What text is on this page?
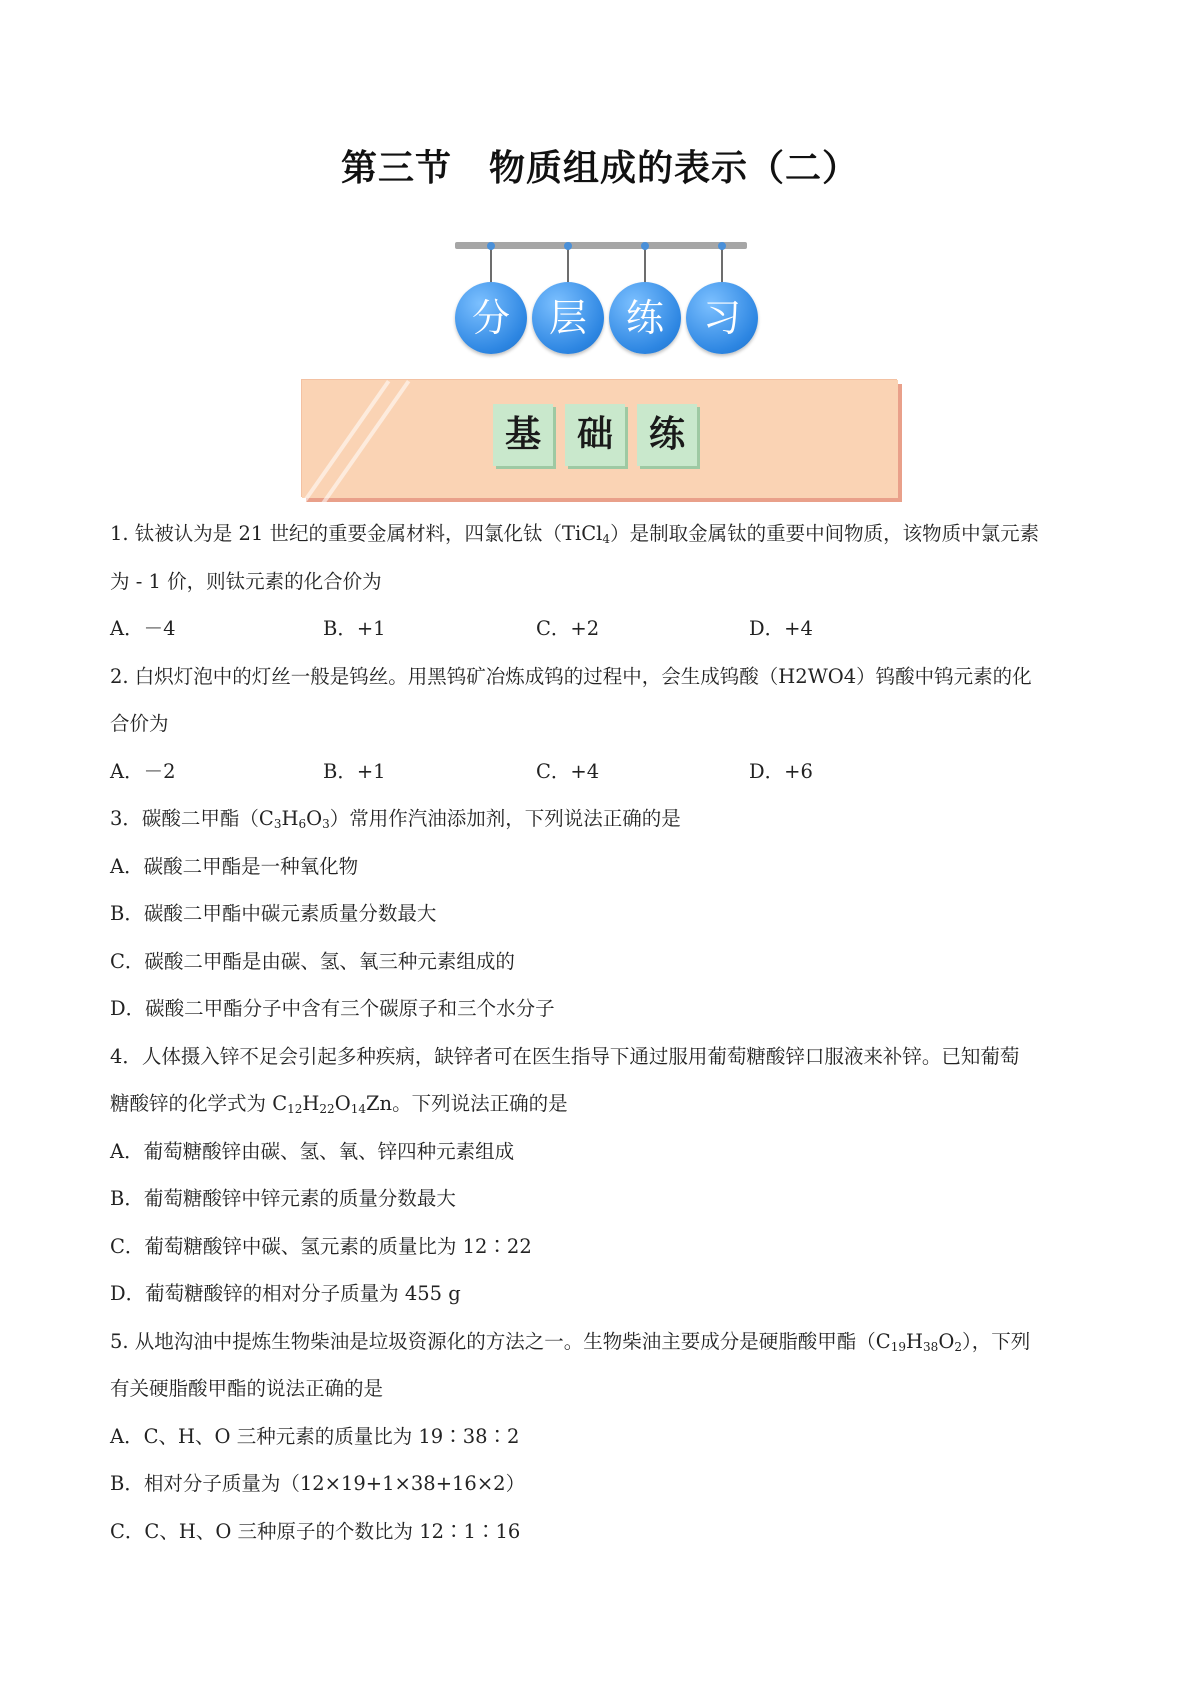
第三节　物质组成的表示（二）
分	层	练	习
基 础 练
1. 钛被认为是 21 世纪的重要金属材料，四氯化钛（TiCl$_4$）是制取金属钛的重要中间物质，该物质中氯元素
为 - 1 价，则钛元素的化合价为
A．－4	B．+1	C．+2	D．+4
2. 白炽灯泡中的灯丝一般是钨丝。用黑钨矿冶炼成钨的过程中，会生成钨酸（H2WO4）钨酸中钨元素的化
合价为
A．－2	B．+1	C．+4	D．+6
3．碳酸二甲酯$(C_3H_6O_3)$常用作汽油添加剂，下列说法正确的是
A．碳酸二甲酯是一种氧化物
B．碳酸二甲酯中碳元素质量分数最大
C．碳酸二甲酯是由碳、氢、氧三种元素组成的
D．碳酸二甲酯分子中含有三个碳原子和三个水分子
4．人体摄入锌不足会引起多种疾病，缺锌者可在医生指导下通过服用葡萄糖酸锌口服液来补锌。已知葡萄
糖酸锌的化学式为 $C_{12}H_{22}O_{14}Zn$。下列说法正确的是
A．葡萄糖酸锌由碳、氢、氧、锌四种元素组成
B．葡萄糖酸锌中锌元素的质量分数最大
C．葡萄糖酸锌中碳、氢元素的质量比为 12∶22
D．葡萄糖酸锌的相对分子质量为 455 g
5. 从地沟油中提炼生物柴油是垃圾资源化的方法之一。生物柴油主要成分是硬脂酸甲酯$(C_{19}H_{38}O_2)$，下列
有关硬脂酸甲酯的说法正确的是
A．C、H、O 三种元素的质量比为 19∶38∶2
B．相对分子质量为（12×19+1×38+16×2）
C．C、H、O 三种原子的个数比为 12∶1∶16
